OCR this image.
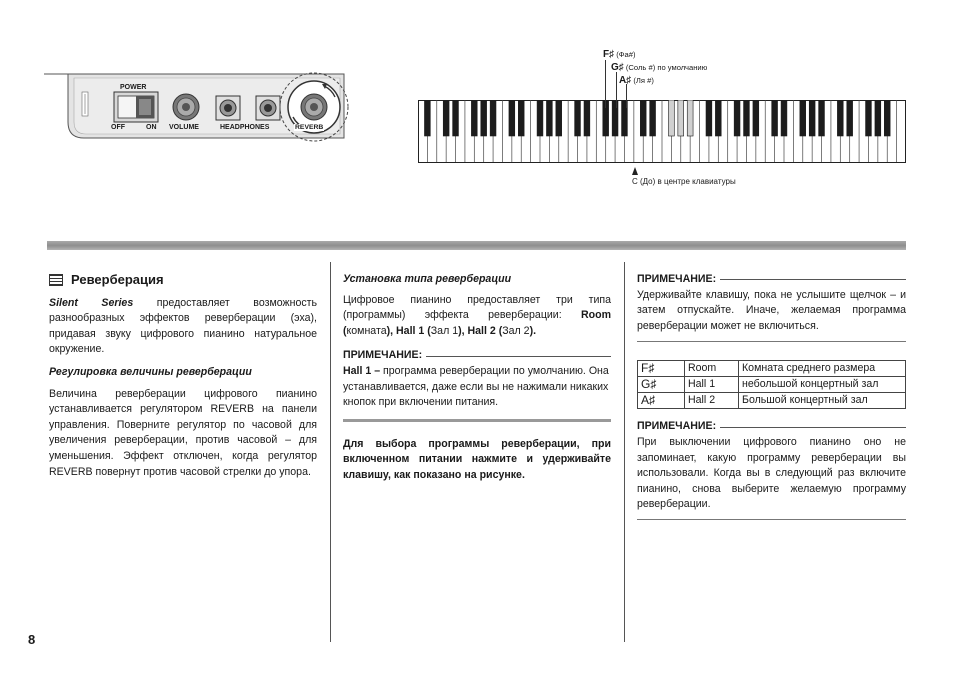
POWER
OFF	ON VOLUME	HEADPHONES	REVERB
F♯ (Фа#)
G♯ (Соль #) по умолчанию
A♯ (Ля #)
C (До) в центре клавиатуры
Реверберация

Silent Series предоставляет возможность разнообразных эффектов реверберации (эха), придавая звуку цифрового пианино натуральное окружение.

Регулировка величины реверберации

Величина реверберации цифрового пианино устанавливается регулятором REVERB на панели управления. Поверните регулятор по часовой для увеличения реверберации, против часовой – для уменьшения. Эффект отключен, когда регулятор REVERB повернут против часовой стрелки до упора.

Установка типа реверберации

Цифровое пианино предоставляет три типа (программы) эффекта реверберации: Room (комната), Hall 1 (Зал 1), Hall 2 (Зал 2).

ПРИМЕЧАНИЕ:

Hall 1 – программа реверберации по умолчанию. Она устанавливается, даже если вы не нажимали никаких кнопок при включении питания.

Для выбора программы реверберации, при включенном питании нажмите и удерживайте клавишу, как показано на рисунке.

ПРИМЕЧАНИЕ:

Удерживайте клавишу, пока не услышите щелчок – и затем отпускайте. Иначе, желаемая программа реверберации может не включиться.

F♯	Room	Комната среднего размера
G♯	Hall 1	небольшой концертный зал
A♯	Hall 2	Большой концертный зал
ПРИМЕЧАНИЕ:

При выключении цифрового пианино оно не запоминает, какую программу реверберации вы использовали. Когда вы в следующий раз включите пианино, снова выберите желаемую программу реверберации.

8
